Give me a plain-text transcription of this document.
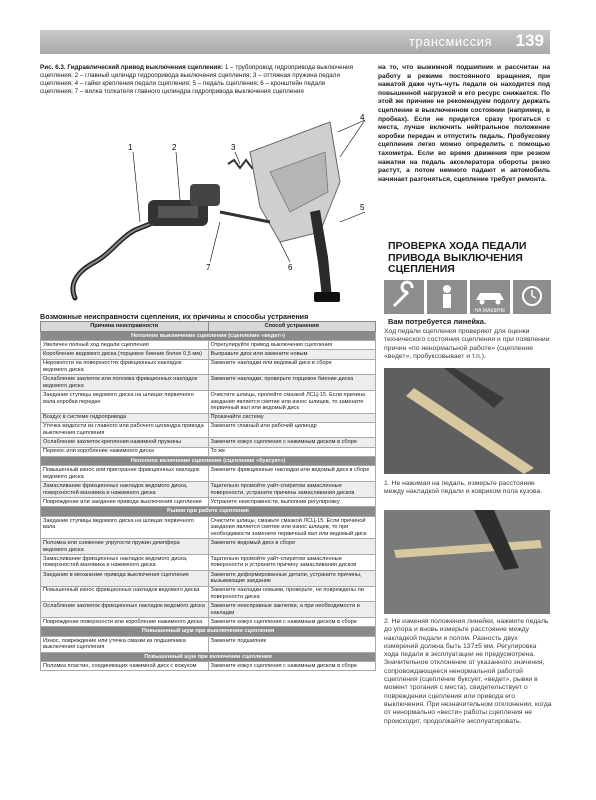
трансмиссия 139
Рис. 6.3. Гидравлический привод выключения сцепления: 1 – трубопровод гидропривода выключения сцепления; 2 – главный цилиндр гидропривода выключения сцепления; 3 – оттяжная пружина педали сцепления; 4 – гайки крепления педали сцепления; 5 – педаль сцепления; 6 – кронштейн педали сцепления; 7 – вилка толкателя главного цилиндра гидропривода выключения сцепления
1	2	3
4
5
6
7
на то, что выжимной подшипник и рассчитан на работу в режиме постоянного вращения, при нажатой даже чуть-чуть педали он находится под повышенной нагрузкой и его ресурс снижается. По этой же причине не рекомендуем подолгу держать сцепление в выключенном состоянии (например, в пробках). Если не придется сразу трогаться с места, лучше включить нейтральное положение коробки передач и отпустить педаль. Пробуксовку сцепления легко можно определить с помощью тахометра. Если во время движения при резком нажатии на педаль акселератора обороты резко растут, а потом немного падают и автомобиль начинает разгоняться, сцепление требует ремонта.
ПРОВЕРКА ХОДА ПЕДАЛИ ПРИВОДА ВЫКЛЮЧЕНИЯ СЦЕПЛЕНИЯ
НА МАШИНЕ
Вам потребуется линейка.
Ход педали сцепления проверяют для оценки технического состояния сцепления и при появлении причин «по ненормальной работе» (сцепление «ведет», пробуксовывает и т.п.).
1. Не нажимая на педаль, измерьте расстояние между накладкой педали и ковриком пола кузова.
2. Не изменяя положения линейки, нажмите педаль до упора и вновь измерьте расстояние между накладкой педали и полом. Разность двух измерений должна быть 137±5 мм. Регулировка хода педали в эксплуатации не предусмотрена. Значительное отклонение от указанного значения, сопровождающееся ненормальной работой сцепления (сцепление буксует, «ведет», рывки в момент трогания с места), свидетельствует о повреждении сцепления или привода его выключения. При незначительном отклонении, когда от ненормально «вести» работы сцепления не происходит, продолжайте эксплуатировать.
Возможные неисправности сцепления, их причины и способы устранения
Причина неисправности	Способ устранения
Неполное выключение сцепления (сцепление «ведет»)	
Увеличен полный ход педали сцепления	Отрегулируйте привод выключения сцепления
Коробление ведомого диска (торцевое биение более 0,5 мм)	Выправьте диск или замените новым
Неровности на поверхностях фрикционных накладок ведомого диска	Замените накладки или ведомый диск в сборе
Ослабление заклепок или поломка фрикционных накладок ведомого диска	Замените накладки, проверьте торцевое биение диска
Заедание ступицы ведомого диска на шлицах первичного вала коробки передач	Очистите шлицы, пролейте смазкой ЛСЦ-15. Если причина заедания является смятие или износ шлицев, то замените первичный вал или ведомый диск
Воздух в системе гидропривода	Прокачайте систему
Утечка жидкости из главного или рабочего цилиндра привода выключения сцепления	Замените главный или рабочий цилиндр
Ослабление заклепок крепления нажимной пружины	Замените кожух сцепления с нажимным диском в сборе
Перекос или коробление нажимного диска	То же
Неполное включение сцепления (сцепление «буксует»)	
Повышенный износ или пригорание фрикционных накладок ведомого диска	Замените фрикционные накладки или ведомый диск в сборе
Замасливание фрикционных накладок ведомого диска, поверхностей маховика и нажимного диска	Тщательно промойте уайт-спиритом замасленные поверхности, устраните причины замасливания дисков
Повреждение или заедание привода выключения сцепления	Устраните неисправности, выполнив регулировку
Рывки при работе сцепления	
Заедание ступицы ведомого диска на шлицах первичного вала	Очистите шлицы, смажьте смазкой ЛСЦ-15. Если причиной заедания является смятие или износ шлицев, то при необходимости замените первичный вал или ведомый диск
Поломка или снижение упругости пружин демпфера ведомого диска	Замените ведомый диск в сборе
Замасливание фрикционных накладок ведомого диска, поверхностей маховика и нажимного диска	Тщательно промойте уайт-спиритом замасленные поверхности и устраните причину замасливания дисков
Заедание в механизме привода выключения сцепления	Замените деформированные детали, устраните причины, вызывающие заедание
Повышенный износ фрикционных накладок ведомого диска	Замените накладки новыми, проверьте, не повреждены ли поверхности диска
Ослабление заклепок фрикционных накладок ведомого диска	Замените неисправные заклепки, а при необходимости и накладки
Повреждение поверхности или коробление нажимного диска	Замените кожух сцепления с нажимным диском в сборе
Повышенный шум при выключении сцепления	
Износ, повреждение или утечка смазки из подшипника выключения сцепления	Замените подшипник
Повышенный шум при включении сцепления	
Поломка пластин, соединяющих нажимной диск с кожухом	Замените кожух сцепления с нажимным диском в сборе
